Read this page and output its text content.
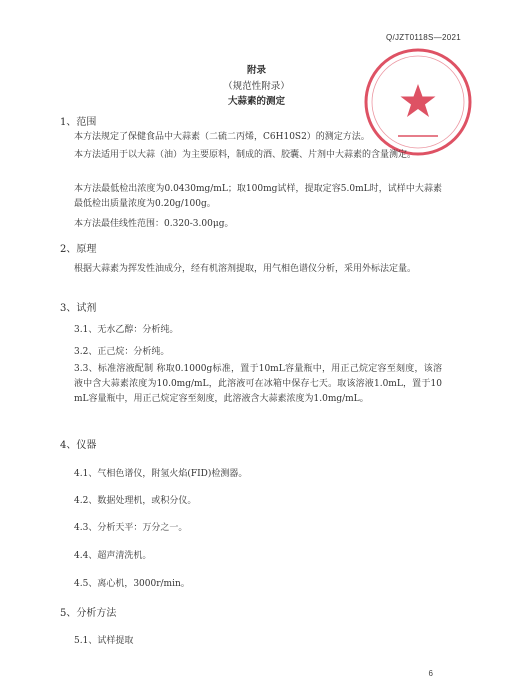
Q/JZT0118S—2021
附录
（规范性附录）
大蒜素的测定
1、范围
本方法规定了保健食品中大蒜素（二硫二丙烯，C6H10S2）的测定方法。
本方法适用于以大蒜（油）为主要原料，制成的酒、胶囊、片剂中大蒜素的含量测定。
本方法最低检出浓度为0.0430mg/mL；取100mg试样，提取定容5.0mL时，试样中大蒜素最低检出质量浓度为0.20g/100g。
本方法最佳线性范围：0.320-3.00μg。
2、原理
根据大蒜素为挥发性油成分，经有机溶剂提取，用气相色谱仪分析，采用外标法定量。
3、试剂
3.1、无水乙醇：分析纯。
3.2、正己烷：分析纯。
3.3、标准溶液配制 称取0.1000g标准，置于10mL容量瓶中，用正己烷定容至刻度，该溶液中含大蒜素浓度为10.0mg/mL，此溶液可在冰箱中保存七天。取该溶液1.0mL，置于10mL容量瓶中，用正己烷定容至刻度，此溶液含大蒜素浓度为1.0mg/mL。
4、仪器
4.1、气相色谱仪，附氢火焰(FID)检测器。
4.2、数据处理机，或积分仪。
4.3、分析天平：万分之一。
4.4、超声清洗机。
4.5、离心机，3000r/min。
5、分析方法
5.1、试样提取
6
